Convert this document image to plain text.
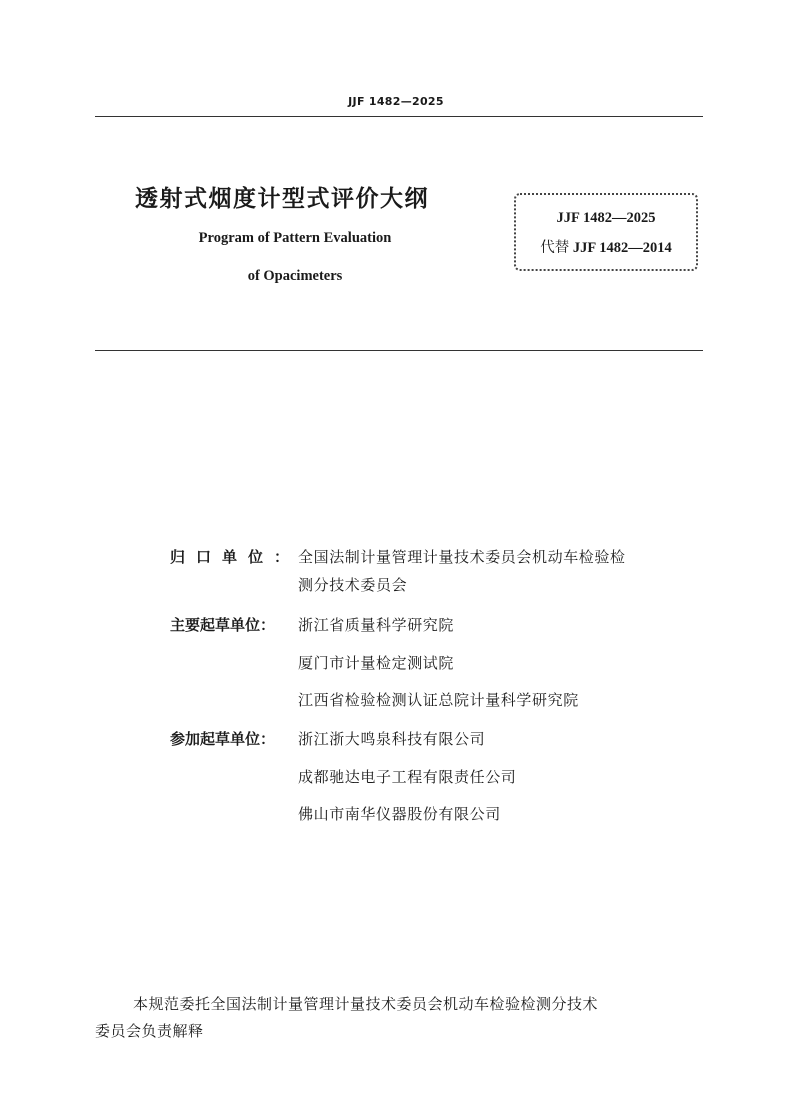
JJF 1482—2025
透射式烟度计型式评价大纲
Program of Pattern Evaluation
of Opacimeters
JJF 1482—2025
代替 JJF 1482—2014
归口单位： 全国法制计量管理计量技术委员会机动车检验检
测分技术委员会
主要起草单位：	浙江省质量科学研究院
厦门市计量检定测试院
江西省检验检测认证总院计量科学研究院
参加起草单位：	浙江浙大鸣泉科技有限公司
成都驰达电子工程有限责任公司
佛山市南华仪器股份有限公司
本规范委托全国法制计量管理计量技术委员会机动车检验检测分技术
委员会负责解释
